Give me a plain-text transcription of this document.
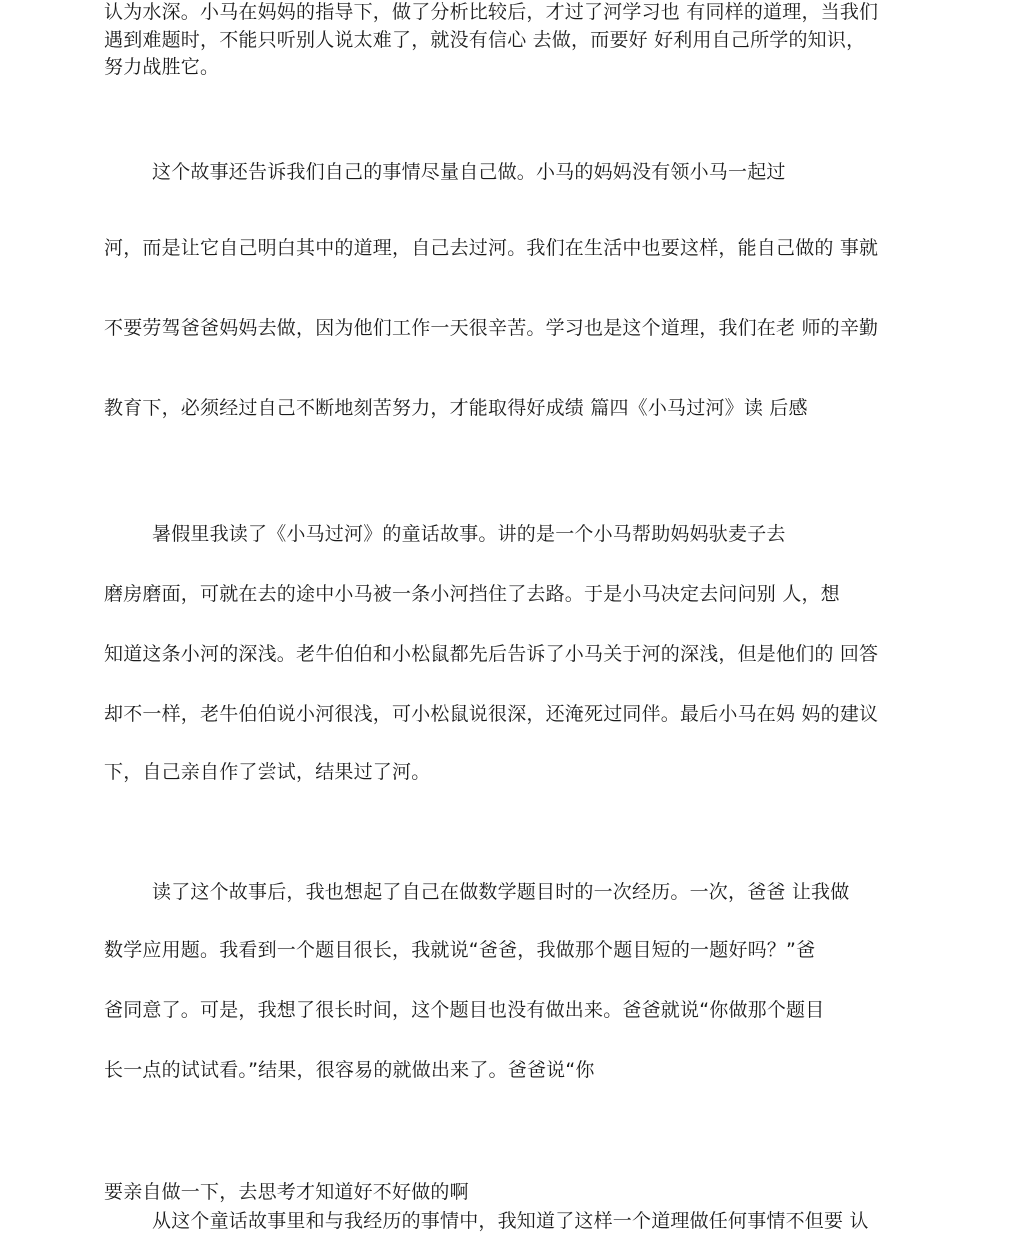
认为水深。小马在妈妈的指导下，做了分析比较后，才过了河学习也 有同样的道理，当我们
遇到难题时，不能只听别人说太难了，就没有信心 去做，而要好 好利用自己所学的知识，
努力战胜它。
这个故事还告诉我们自己的事情尽量自己做。小马的妈妈没有领小马一起过
河，而是让它自己明白其中的道理，自己去过河。我们在生活中也要这样，能自己做的 事就
不要劳驾爸爸妈妈去做，因为他们工作一天很辛苦。学习也是这个道理，我们在老 师的辛勤
教育下，必须经过自己不断地刻苦努力，才能取得好成绩 篇四《小马过河》读 后感
暑假里我读了《小马过河》的童话故事。讲的是一个小马帮助妈妈驮麦子去
磨房磨面，可就在去的途中小马被一条小河挡住了去路。于是小马决定去问问别 人，想
知道这条小河的深浅。老牛伯伯和小松鼠都先后告诉了小马关于河的深浅，但是他们的 回答
却不一样，老牛伯伯说小河很浅，可小松鼠说很深，还淹死过同伴。最后小马在妈 妈的建议
下，自己亲自作了尝试，结果过了河。
读了这个故事后，我也想起了自己在做数学题目时的一次经历。一次，爸爸 让我做
数学应用题。我看到一个题目很长，我就说“爸爸，我做那个题目短的一题好吗？”爸
爸同意了。可是，我想了很长时间，这个题目也没有做出来。爸爸就说“你做那个题目
长一点的试试看。”结果，很容易的就做出来了。爸爸说“你
要亲自做一下，去思考才知道好不好做的啊
从这个童话故事里和与我经历的事情中，我知道了这样一个道理做任何事情不但要 认
